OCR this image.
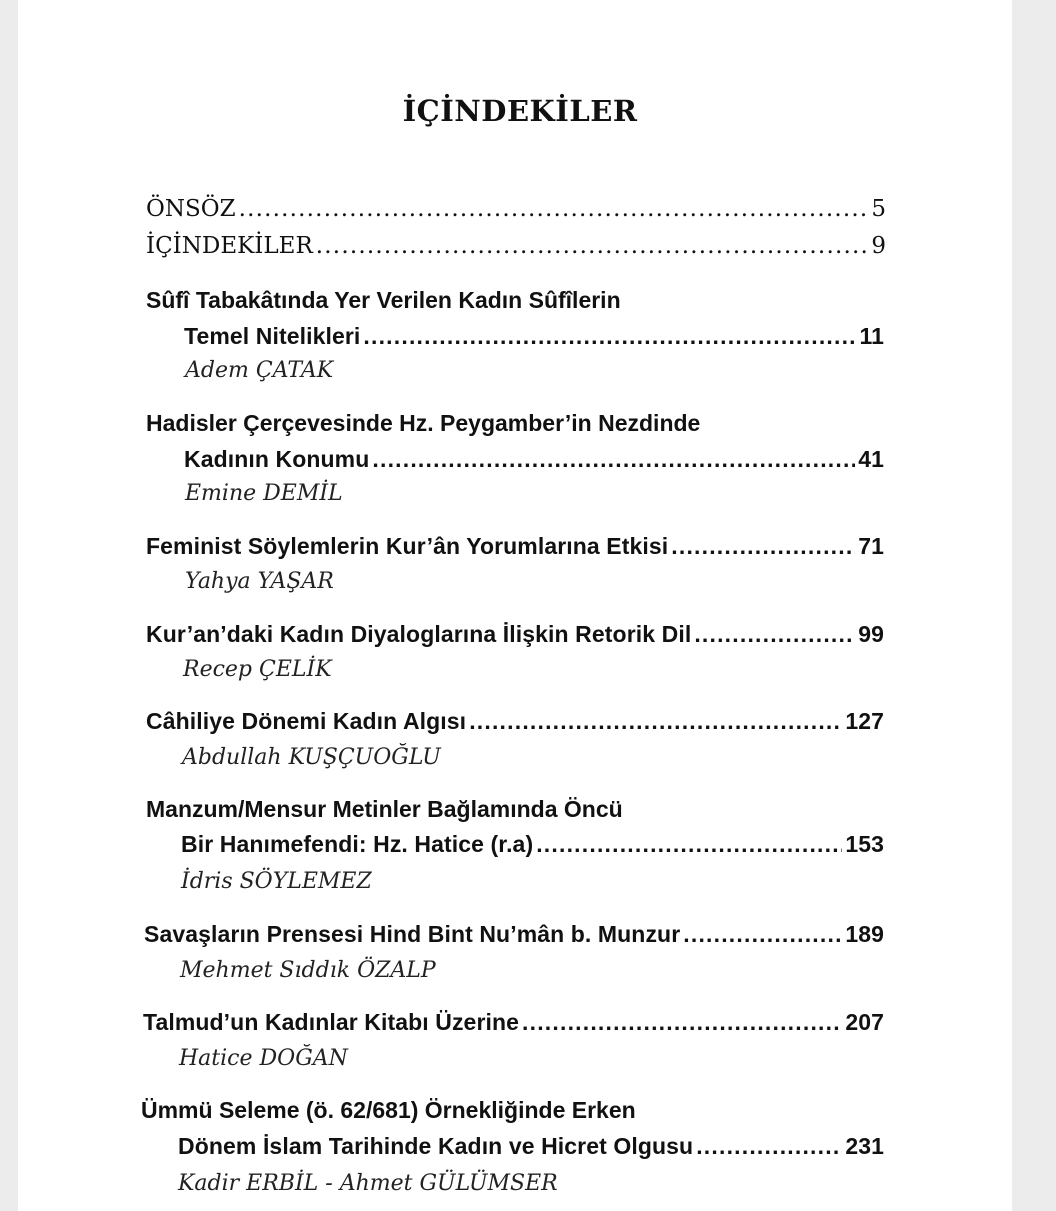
İÇİNDEKİLER
ÖNSÖZ .....	5
İÇİNDEKİLER .....	9
Sûfî Tabakâtında Yer Verilen Kadın Sûfîlerin
Temel Nitelikleri .....	11
Adem ÇATAK
Hadisler Çerçevesinde Hz. Peygamber’in Nezdinde
Kadının Konumu .....	41
Emine DEMİL
Feminist Söylemlerin Kur’ân Yorumlarına Etkisi .....	71
Yahya YAŞAR
Kur’an’daki Kadın Diyaloglarına İlişkin Retorik Dil .....	99
Recep ÇELİK
Câhiliye Dönemi Kadın Algısı .....	127
Abdullah KUŞÇUOĞLU
Manzum/Mensur Metinler Bağlamında Öncü
Bir Hanımefendi: Hz. Hatice (r.a) .....	153
İdris SÖYLEMEZ
Savaşların Prensesi Hind Bint Nu’mân b. Munzur .....	189
Mehmet Sıddık ÖZALP
Talmud’un Kadınlar Kitabı Üzerine .....	207
Hatice DOĞAN
Ümmü Seleme (ö. 62/681) Örnekliğinde Erken
Dönem İslam Tarihinde Kadın ve Hicret Olgusu .....	231
Kadir ERBİL - Ahmet GÜLÜMSER
